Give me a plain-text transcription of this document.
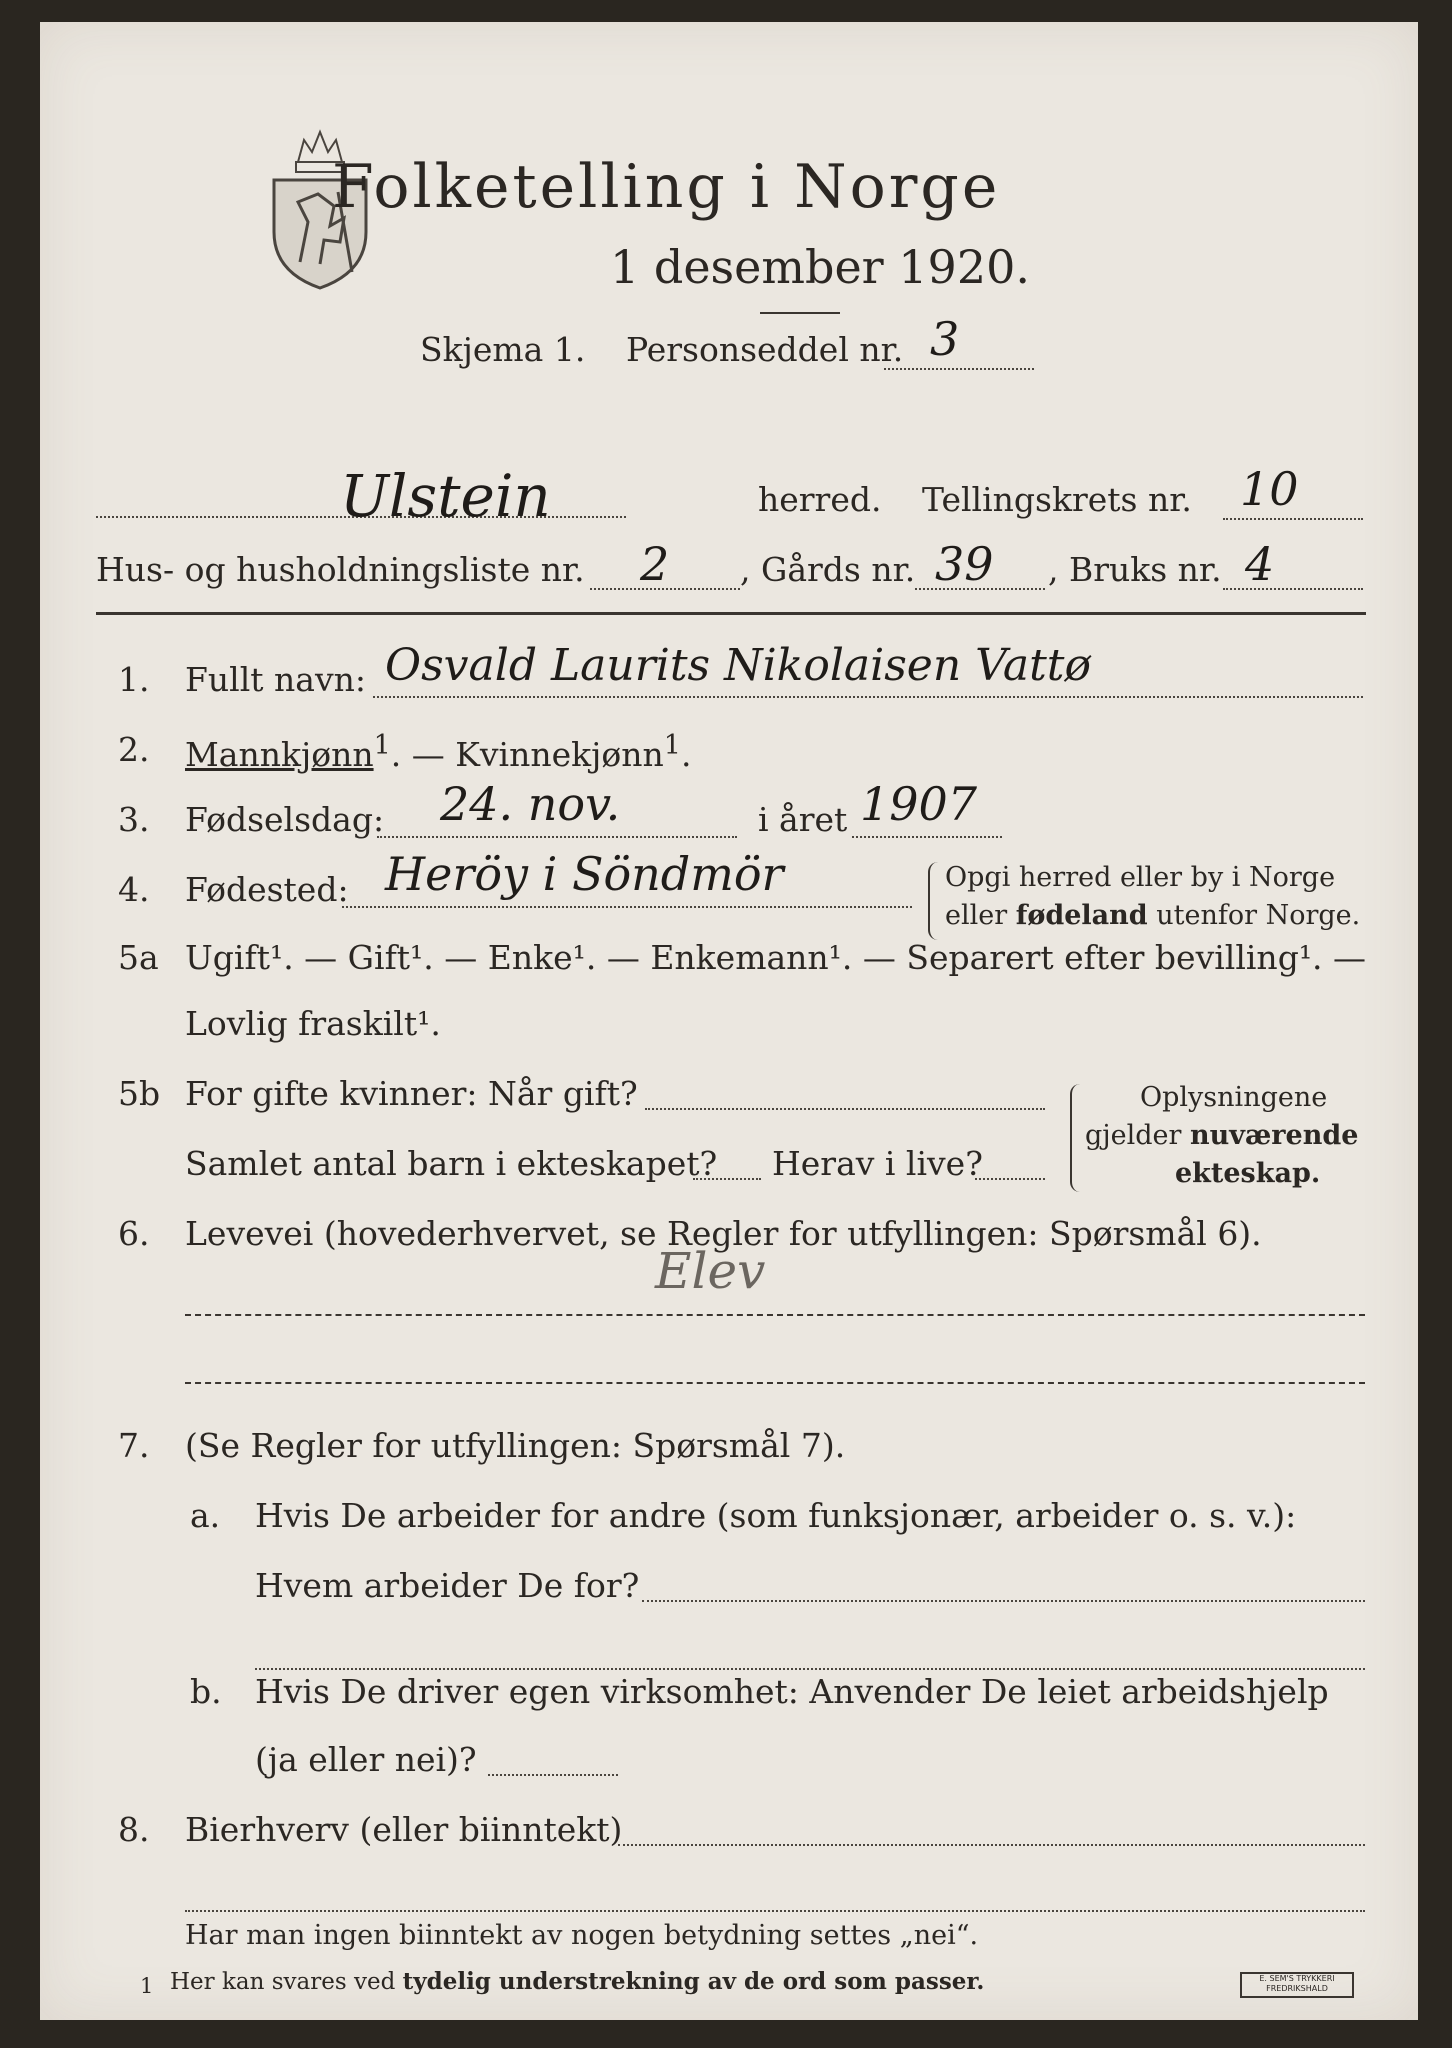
Folketelling i Norge
1 desember 1920.
Skjema 1. Personseddel nr. 3
Ulstein	herred. Tellingskrets nr. 10
Hus- og husholdningsliste nr. 2 , Gårds nr. 39 , Bruks nr. 4
1. Fullt navn: Osvald Laurits Nikolaisen Vattø
2. Mannkjønn$^1$. — Kvinnekjønn$^1$.
3. Fødselsdag: 24. nov.	i året 1907
4. Fødested: Heröy i Söndmör	Opgi herred eller by i Norge
eller fødeland utenfor Norge.
5a Ugift¹. — Gift¹. — Enke¹. — Enkemann¹. — Separert efter bevilling¹. —
Lovlig fraskilt¹.
5b For gifte kvinner: Når gift?
Samlet antal barn i ekteskapet? Herav i live?
Oplysningene
gjelder nuværende
ekteskap.
6. Levevei (hovederhvervet, se Regler for utfyllingen: Spørsmål 6).
Elev
7. (Se Regler for utfyllingen: Spørsmål 7).
a. Hvis De arbeider for andre (som funksjonær, arbeider o. s. v.):
Hvem arbeider De for?
b. Hvis De driver egen virksomhet: Anvender De leiet arbeidshjelp
(ja eller nei)?
8. Bierhverv (eller biinntekt)
Har man ingen biinntekt av nogen betydning settes „nei“.
1 Her kan svares ved tydelig understrekning av de ord som passer.	E. SEM'S TRYKKERI FREDRIKSHALD
